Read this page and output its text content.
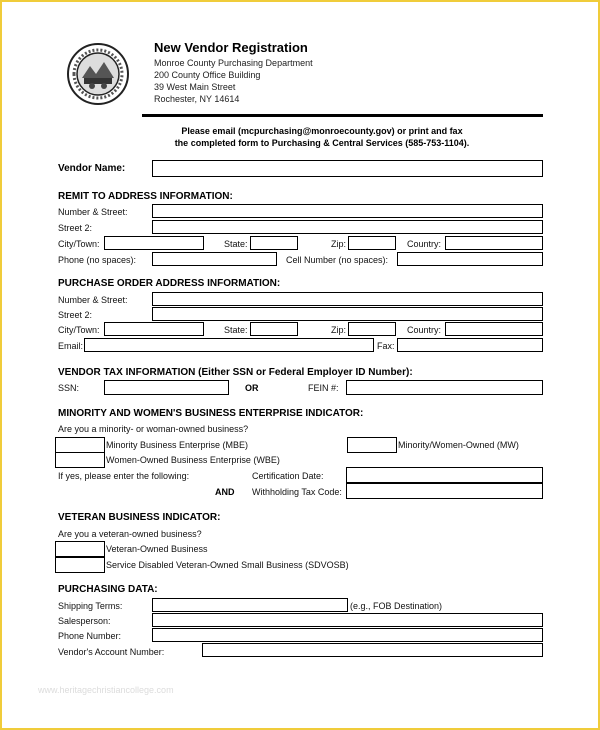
New Vendor Registration
Monroe County Purchasing Department
200 County Office Building
39 West Main Street
Rochester, NY 14614
Please email (mcpurchasing@monroecounty.gov) or print and fax
the completed form to Purchasing & Central Services (585-753-1104).
Vendor Name:
REMIT TO ADDRESS INFORMATION:
Number & Street:
Street 2:
City/Town:	State:	Zip:	Country:
Phone (no spaces):	Cell Number (no spaces):
PURCHASE ORDER ADDRESS INFORMATION:
Number & Street:
Street 2:
City/Town:	State:	Zip:	Country:
Email:	Fax:
VENDOR TAX INFORMATION (Either SSN or Federal Employer ID Number):
SSN:	OR	FEIN #:
MINORITY AND WOMEN'S BUSINESS ENTERPRISE INDICATOR:
Are you a minority- or woman-owned business?
Minority Business Enterprise (MBE)	Minority/Women-Owned (MW)
Women-Owned Business Enterprise (WBE)
If yes, please enter the following:	Certification Date:
AND Withholding Tax Code:
VETERAN BUSINESS INDICATOR:
Are you a veteran-owned business?
Veteran-Owned Business
Service Disabled Veteran-Owned Small Business (SDVOSB)
PURCHASING DATA:
Shipping Terms:	(e.g., FOB Destination)
Salesperson:
Phone Number:
Vendor's Account Number:
www.heritagechristiancollege.com
